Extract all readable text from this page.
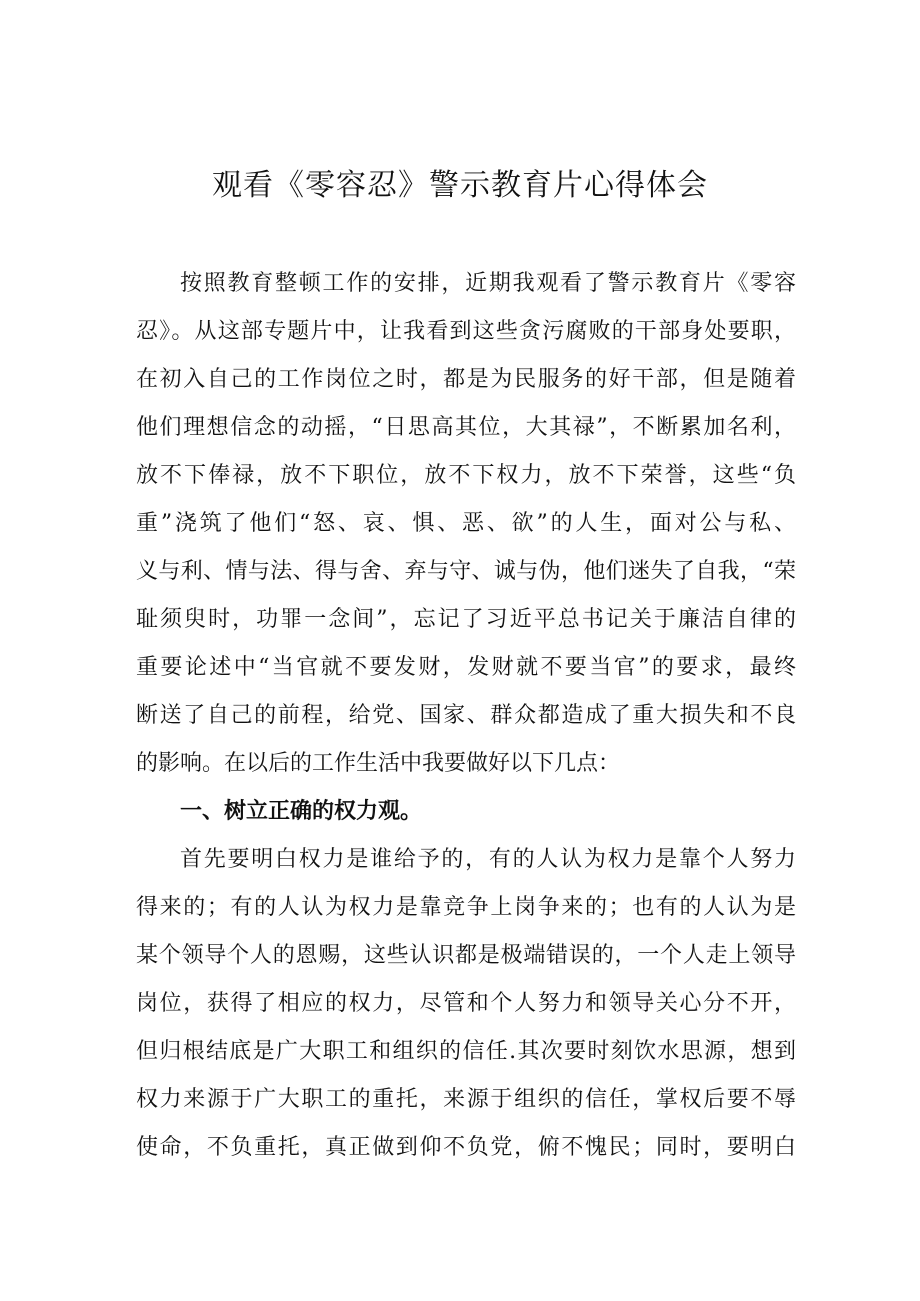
观看《零容忍》警示教育片心得体会
按照教育整顿工作的安排，近期我观看了警示教育片《零容
忍》。从这部专题片中，让我看到这些贪污腐败的干部身处要职，
在初入自己的工作岗位之时，都是为民服务的好干部，但是随着
他们理想信念的动摇，“日思高其位，大其禄”，不断累加名利，
放不下俸禄，放不下职位，放不下权力，放不下荣誉，这些“负
重”浇筑了他们“怒、哀、惧、恶、欲”的人生，面对公与私、
义与利、情与法、得与舍、弃与守、诚与伪，他们迷失了自我，“荣
耻须臾时，功罪一念间”，忘记了习近平总书记关于廉洁自律的
重要论述中“当官就不要发财，发财就不要当官”的要求，最终
断送了自己的前程，给党、国家、群众都造成了重大损失和不良
的影响。在以后的工作生活中我要做好以下几点：
一、树立正确的权力观。
首先要明白权力是谁给予的，有的人认为权力是靠个人努力
得来的；有的人认为权力是靠竞争上岗争来的；也有的人认为是
某个领导个人的恩赐，这些认识都是极端错误的，一个人走上领导
岗位，获得了相应的权力，尽管和个人努力和领导关心分不开，
但归根结底是广大职工和组织的信任.其次要时刻饮水思源，想到
权力来源于广大职工的重托，来源于组织的信任，掌权后要不辱
使命，不负重托，真正做到仰不负党，俯不愧民；同时，要明白
